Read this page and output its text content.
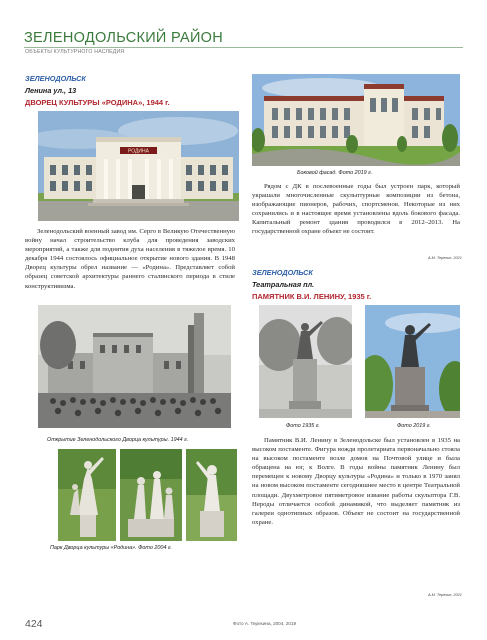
ЗЕЛЕНОДОЛЬСКИЙ РАЙОН
ОБЪЕКТЫ КУЛЬТУРНОГО НАСЛЕДИЯ
ЗЕЛЕНОДОЛЬСК
Ленина ул., 13
ДВОРЕЦ КУЛЬТУРЫ «РОДИНА», 1944 г.
РОДИНА
Боковой фасад. Фото 2019 г.
Зеленодольский военный завод им. Серго в Великую Отечественную войну начал строительство клуба для проведения заводских мероприятий, а также для поднятия духа населения в тяжелое время. 10 декабря 1944 состоялось официальное открытие нового здания. В 1948 Дворец культуры обрел название — «Родина». Представляет собой образец советской архитектуры раннего сталинского периода в стиле конструктивизма.
Рядом с ДК в послевоенные годы был устроен парк, который украшали многочисленные скульптурные композиции из бетона, изображающие пионеров, рабочих, спортсменов. Некоторые из них сохранились и в настоящее время установлены вдоль бокового фасада. Капитальный ремонт здания проводился в 2012–2013. На государственной охране объект не состоит.
А.М. Терехин, 2021
ЗЕЛЕНОДОЛЬСК
Театральная пл.
ПАМЯТНИК В.И. ЛЕНИНУ, 1935 г.
Открытие Зеленодольского Дворца культуры. 1944 г.
Парк Дворца культуры «Родина». Фото 2004 г.
Фото 1935 г.	Фото 2019 г.
Памятник В.И. Ленину в Зеленодольске был установлен в 1935 на высоком постаменте. Фигура вождя пролетариата первоначально стояла на высоком постаменте возле домов на Почтовой улице и была обращена на юг, к Волге. В годы войны памятник Ленину был перемещен к новому Дворцу культуры «Родина» и только в 1970 занял на новом высоком постаменте сегодняшнее место в центре Театральной площади. Двухметровое пятиметровое извание работы скульптора Г.В. Нероды отличается особой динамикой, что выделяет памятник из галереи однотипных образов. Объект не состоит на государственной охране.
А.М. Терехин, 2021
424	Фото А. Терехина, 2004, 2019
